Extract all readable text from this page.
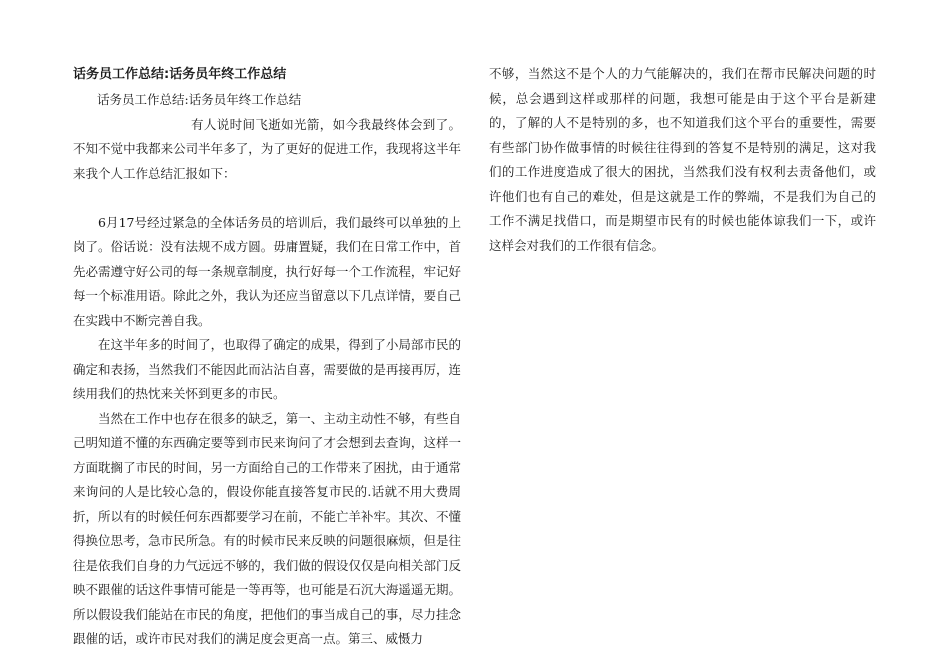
话务员工作总结:话务员年终工作总结

话务员工作总结:话务员年终工作总结

有人说时间飞逝如光箭，如今我最终体会到了。不知不觉中我都来公司半年多了，为了更好的促进工作，我现将这半年来我个人工作总结汇报如下：

6月17号经过紧急的全体话务员的培训后，我们最终可以单独的上岗了。俗话说：没有法规不成方圆。毋庸置疑，我们在日常工作中，首先必需遵守好公司的每一条规章制度，执行好每一个工作流程，牢记好每一个标准用语。除此之外，我认为还应当留意以下几点详情，要自己在实践中不断完善自我。

在这半年多的时间了，也取得了确定的成果，得到了小局部市民的确定和表扬，当然我们不能因此而沾沾自喜，需要做的是再接再厉，连续用我们的热忱来关怀到更多的市民。

当然在工作中也存在很多的缺乏，第一、主动主动性不够，有些自己明知道不懂的东西确定要等到市民来询问了才会想到去查询，这样一方面耽搁了市民的时间，另一方面给自己的工作带来了困扰，由于通常来询问的人是比较心急的，假设你能直接答复市民的.话就不用大费周折，所以有的时候任何东西都要学习在前，不能亡羊补牢。其次、不懂得换位思考，急市民所急。有的时候市民来反映的问题很麻烦，但是往往是依我们自身的力气远远不够的，我们做的假设仅仅是向相关部门反映不跟催的话这件事情可能是一等再等，也可能是石沉大海遥遥无期。所以假设我们能站在市民的角度，把他们的事当成自己的事，尽力挂念跟催的话，或许市民对我们的满足度会更高一点。第三、威慑力

不够，当然这不是个人的力气能解决的，我们在帮市民解决问题的时候，总会遇到这样或那样的问题，我想可能是由于这个平台是新建的，了解的人不是特别的多，也不知道我们这个平台的重要性，需要有些部门协作做事情的时候往往得到的答复不是特别的满足，这对我们的工作进度造成了很大的困扰，当然我们没有权利去责备他们，或许他们也有自己的难处，但是这就是工作的弊端，不是我们为自己的工作不满足找借口，而是期望市民有的时候也能体谅我们一下，或许这样会对我们的工作很有信念。
